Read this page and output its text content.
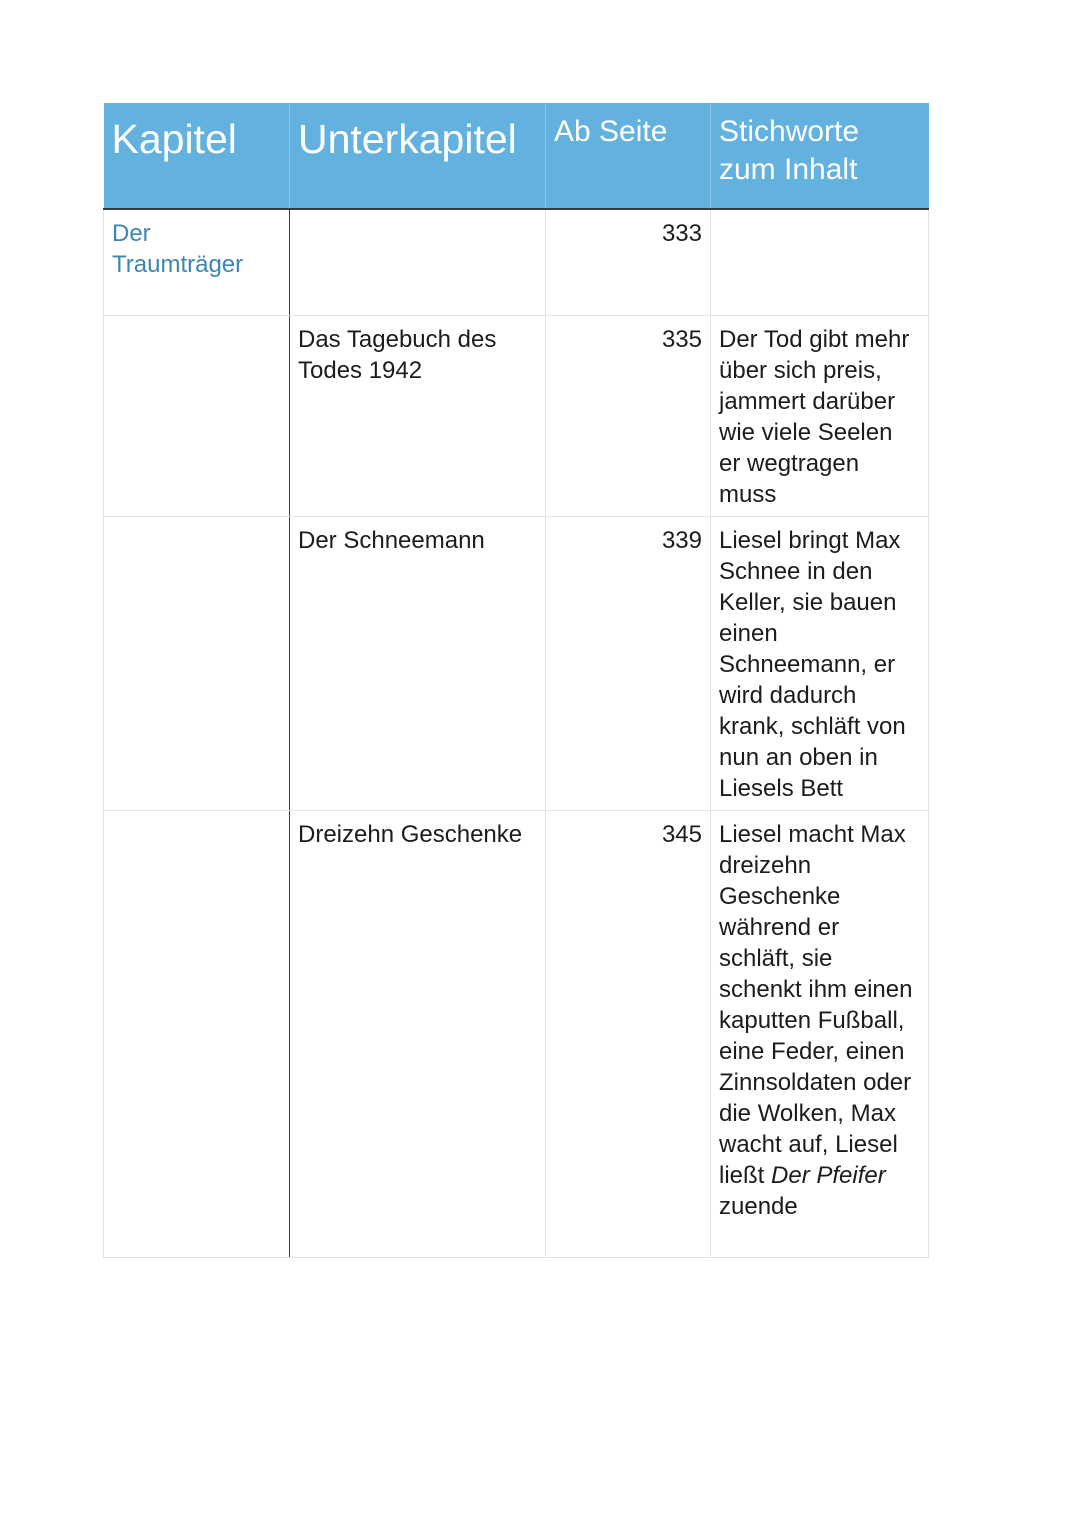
Kapitel	Unterkapitel	Ab Seite	Stichworte zum Inhalt
Der Traumträger		333	
	Das Tagebuch des Todes 1942	335	Der Tod gibt mehr über sich preis, jammert darüber wie viele Seelen er wegtragen muss
	Der Schneemann	339	Liesel bringt Max Schnee in den Keller, sie bauen einen Schneemann, er wird dadurch krank, schläft von nun an oben in Liesels Bett
	Dreizehn Geschenke	345	Liesel macht Max dreizehn Geschenke während er schläft, sie schenkt ihm einen kaputten Fußball, eine Feder, einen Zinnsoldaten oder die Wolken, Max wacht auf, Liesel ließt Der Pfeifer zuende
